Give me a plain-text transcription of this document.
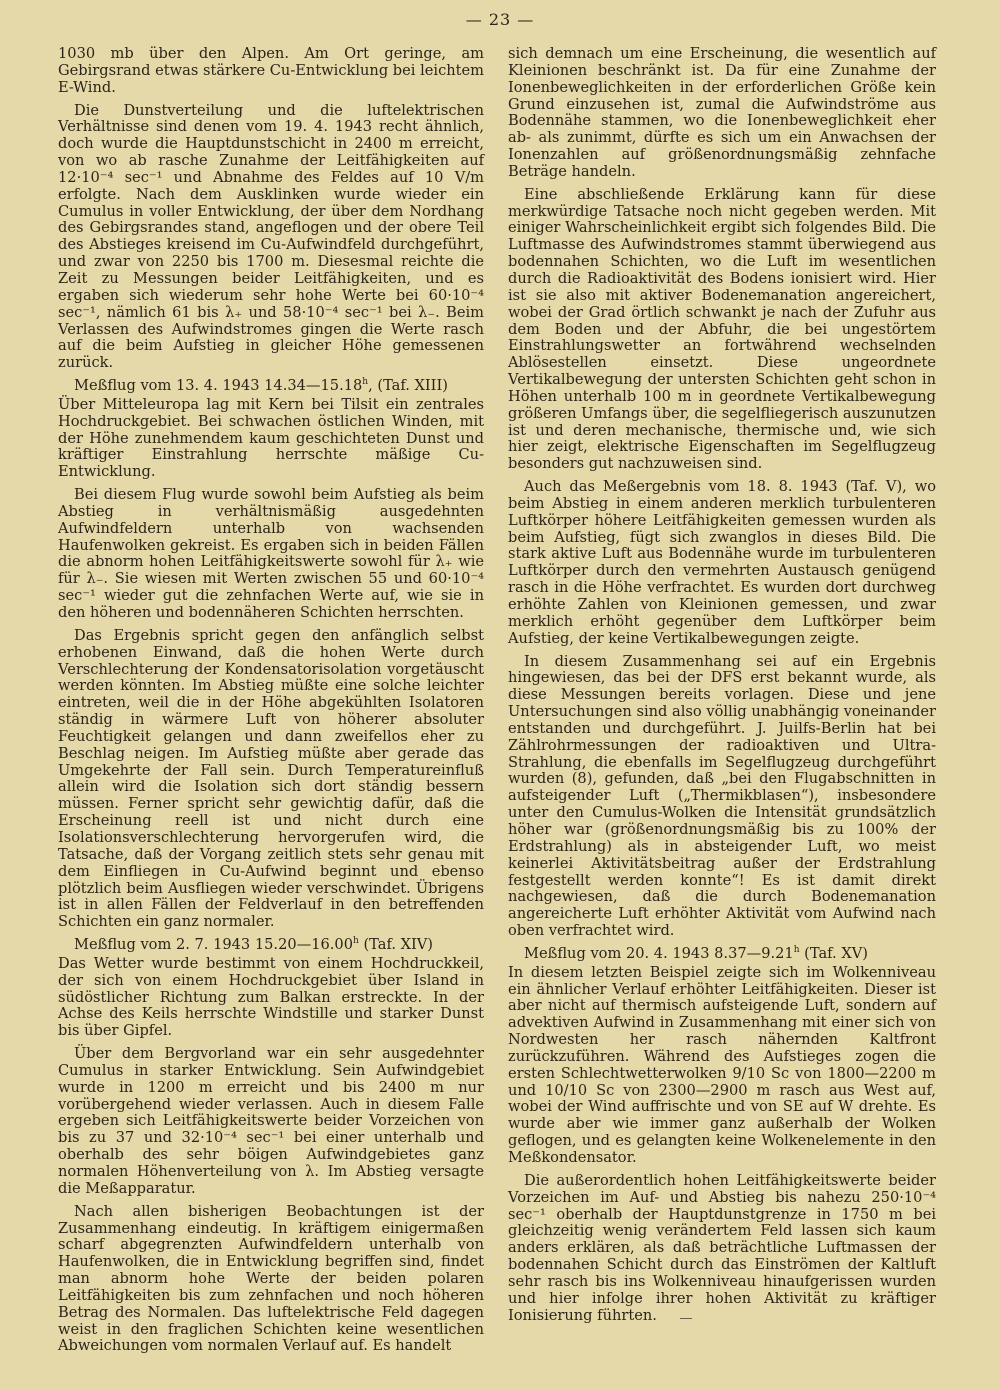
— 23 —

1030 mb über den Alpen. Am Ort geringe, am Gebirgsrand etwas stärkere Cu-Entwicklung bei leichtem E-Wind.

Die Dunstverteilung und die luftelektrischen Verhältnisse sind denen vom 19. 4. 1943 recht ähnlich, doch wurde die Hauptdunstschicht in 2400 m erreicht, von wo ab rasche Zunahme der Leitfähigkeiten auf 12·10⁻⁴ sec⁻¹ und Abnahme des Feldes auf 10 V/m erfolgte. Nach dem Ausklinken wurde wieder ein Cumulus in voller Entwicklung, der über dem Nordhang des Gebirgsrandes stand, angeflogen und der obere Teil des Abstieges kreisend im Cu-Aufwindfeld durchgeführt, und zwar von 2250 bis 1700 m. Diesesmal reichte die Zeit zu Messungen beider Leitfähigkeiten, und es ergaben sich wiederum sehr hohe Werte bei 60·10⁻⁴ sec⁻¹, nämlich 61 bis λ₊ und 58·10⁻⁴ sec⁻¹ bei λ₋. Beim Verlassen des Aufwindstromes gingen die Werte rasch auf die beim Aufstieg in gleicher Höhe gemessenen zurück.

Meßflug vom 13. 4. 1943 14.34—15.18$^h$, (Taf. XIII)

Über Mitteleuropa lag mit Kern bei Tilsit ein zentrales Hochdruckgebiet. Bei schwachen östlichen Winden, mit der Höhe zunehmendem kaum geschichteten Dunst und kräftiger Einstrahlung herrschte mäßige Cu-Entwicklung.

Bei diesem Flug wurde sowohl beim Aufstieg als beim Abstieg in verhältnismäßig ausgedehnten Aufwindfeldern unterhalb von wachsenden Haufenwolken gekreist. Es ergaben sich in beiden Fällen die abnorm hohen Leitfähigkeitswerte sowohl für λ₊ wie für λ₋. Sie wiesen mit Werten zwischen 55 und 60·10⁻⁴ sec⁻¹ wieder gut die zehnfachen Werte auf, wie sie in den höheren und bodennäheren Schichten herrschten.

Das Ergebnis spricht gegen den anfänglich selbst erhobenen Einwand, daß die hohen Werte durch Verschlechterung der Kondensatorisolation vorgetäuscht werden könnten. Im Abstieg müßte eine solche leichter eintreten, weil die in der Höhe abgekühlten Isolatoren ständig in wärmere Luft von höherer absoluter Feuchtigkeit gelangen und dann zweifellos eher zu Beschlag neigen. Im Aufstieg müßte aber gerade das Umgekehrte der Fall sein. Durch Temperatureinfluß allein wird die Isolation sich dort ständig bessern müssen. Ferner spricht sehr gewichtig dafür, daß die Erscheinung reell ist und nicht durch eine Isolationsverschlechterung hervorgerufen wird, die Tatsache, daß der Vorgang zeitlich stets sehr genau mit dem Einfliegen in Cu-Aufwind beginnt und ebenso plötzlich beim Ausfliegen wieder verschwindet. Übrigens ist in allen Fällen der Feldverlauf in den betreffenden Schichten ein ganz normaler.

Meßflug vom 2. 7. 1943 15.20—16.00$^h$ (Taf. XIV)

Das Wetter wurde bestimmt von einem Hochdruckkeil, der sich von einem Hochdruckgebiet über Island in südöstlicher Richtung zum Balkan erstreckte. In der Achse des Keils herrschte Windstille und starker Dunst bis über Gipfel.

Über dem Bergvorland war ein sehr ausgedehnter Cumulus in starker Entwicklung. Sein Aufwindgebiet wurde in 1200 m erreicht und bis 2400 m nur vorübergehend wieder verlassen. Auch in diesem Falle ergeben sich Leitfähigkeitswerte beider Vorzeichen von bis zu 37 und 32·10⁻⁴ sec⁻¹ bei einer unterhalb und oberhalb des sehr böigen Aufwindgebietes ganz normalen Höhenverteilung von λ. Im Abstieg versagte die Meßapparatur.

Nach allen bisherigen Beobachtungen ist der Zusammenhang eindeutig. In kräftigem einigermaßen scharf abgegrenzten Aufwindfeldern unterhalb von Haufenwolken, die in Entwicklung begriffen sind, findet man abnorm hohe Werte der beiden polaren Leitfähigkeiten bis zum zehnfachen und noch höheren Betrag des Normalen. Das luftelektrische Feld dagegen weist in den fraglichen Schichten keine wesentlichen Abweichungen vom normalen Verlauf auf. Es handelt

sich demnach um eine Erscheinung, die wesentlich auf Kleinionen beschränkt ist. Da für eine Zunahme der Ionenbeweglichkeiten in der erforderlichen Größe kein Grund einzusehen ist, zumal die Aufwindströme aus Bodennähe stammen, wo die Ionenbeweglichkeit eher ab- als zunimmt, dürfte es sich um ein Anwachsen der Ionenzahlen auf größenordnungsmäßig zehnfache Beträge handeln.

Eine abschließende Erklärung kann für diese merkwürdige Tatsache noch nicht gegeben werden. Mit einiger Wahrscheinlichkeit ergibt sich folgendes Bild. Die Luftmasse des Aufwindstromes stammt überwiegend aus bodennahen Schichten, wo die Luft im wesentlichen durch die Radioaktivität des Bodens ionisiert wird. Hier ist sie also mit aktiver Bodenemanation angereichert, wobei der Grad örtlich schwankt je nach der Zufuhr aus dem Boden und der Abfuhr, die bei ungestörtem Einstrahlungswetter an fortwährend wechselnden Ablösestellen einsetzt. Diese ungeordnete Vertikalbewegung der untersten Schichten geht schon in Höhen unterhalb 100 m in geordnete Vertikalbewegung größeren Umfangs über, die segelfliegerisch auszunutzen ist und deren mechanische, thermische und, wie sich hier zeigt, elektrische Eigenschaften im Segelflugzeug besonders gut nachzuweisen sind.

Auch das Meßergebnis vom 18. 8. 1943 (Taf. V), wo beim Abstieg in einem anderen merklich turbulenteren Luftkörper höhere Leitfähigkeiten gemessen wurden als beim Aufstieg, fügt sich zwanglos in dieses Bild. Die stark aktive Luft aus Bodennähe wurde im turbulenteren Luftkörper durch den vermehrten Austausch genügend rasch in die Höhe verfrachtet. Es wurden dort durchweg erhöhte Zahlen von Kleinionen gemessen, und zwar merklich erhöht gegenüber dem Luftkörper beim Aufstieg, der keine Vertikalbewegungen zeigte.

In diesem Zusammenhang sei auf ein Ergebnis hingewiesen, das bei der DFS erst bekannt wurde, als diese Messungen bereits vorlagen. Diese und jene Untersuchungen sind also völlig unabhängig voneinander entstanden und durchgeführt. J. Juilfs-Berlin hat bei Zählrohrmessungen der radioaktiven und Ultra-Strahlung, die ebenfalls im Segelflugzeug durchgeführt wurden (8), gefunden, daß „bei den Flugabschnitten in aufsteigender Luft („Thermikblasen“), insbesondere unter den Cumulus-Wolken die Intensität grundsätzlich höher war (größenordnungsmäßig bis zu 100% der Erdstrahlung) als in absteigender Luft, wo meist keinerlei Aktivitätsbeitrag außer der Erdstrahlung festgestellt werden konnte“! Es ist damit direkt nachgewiesen, daß die durch Bodenemanation angereicherte Luft erhöhter Aktivität vom Aufwind nach oben verfrachtet wird.

Meßflug vom 20. 4. 1943 8.37—9.21$^h$ (Taf. XV)

In diesem letzten Beispiel zeigte sich im Wolkenniveau ein ähnlicher Verlauf erhöhter Leitfähigkeiten. Dieser ist aber nicht auf thermisch aufsteigende Luft, sondern auf advektiven Aufwind in Zusammenhang mit einer sich von Nordwesten her rasch nähernden Kaltfront zurückzuführen. Während des Aufstieges zogen die ersten Schlechtwetterwolken 9/10 Sc von 1800—2200 m und 10/10 Sc von 2300—2900 m rasch aus West auf, wobei der Wind auffrischte und von SE auf W drehte. Es wurde aber wie immer ganz außerhalb der Wolken geflogen, und es gelangten keine Wolkenelemente in den Meßkondensator.

Die außerordentlich hohen Leitfähigkeitswerte beider Vorzeichen im Auf- und Abstieg bis nahezu 250·10⁻⁴ sec⁻¹ oberhalb der Hauptdunstgrenze in 1750 m bei gleichzeitig wenig verändertem Feld lassen sich kaum anders erklären, als daß beträchtliche Luftmassen der bodennahen Schicht durch das Einströmen der Kaltluft sehr rasch bis ins Wolkenniveau hinaufgerissen wurden und hier infolge ihrer hohen Aktivität zu kräftiger Ionisierung führten.
